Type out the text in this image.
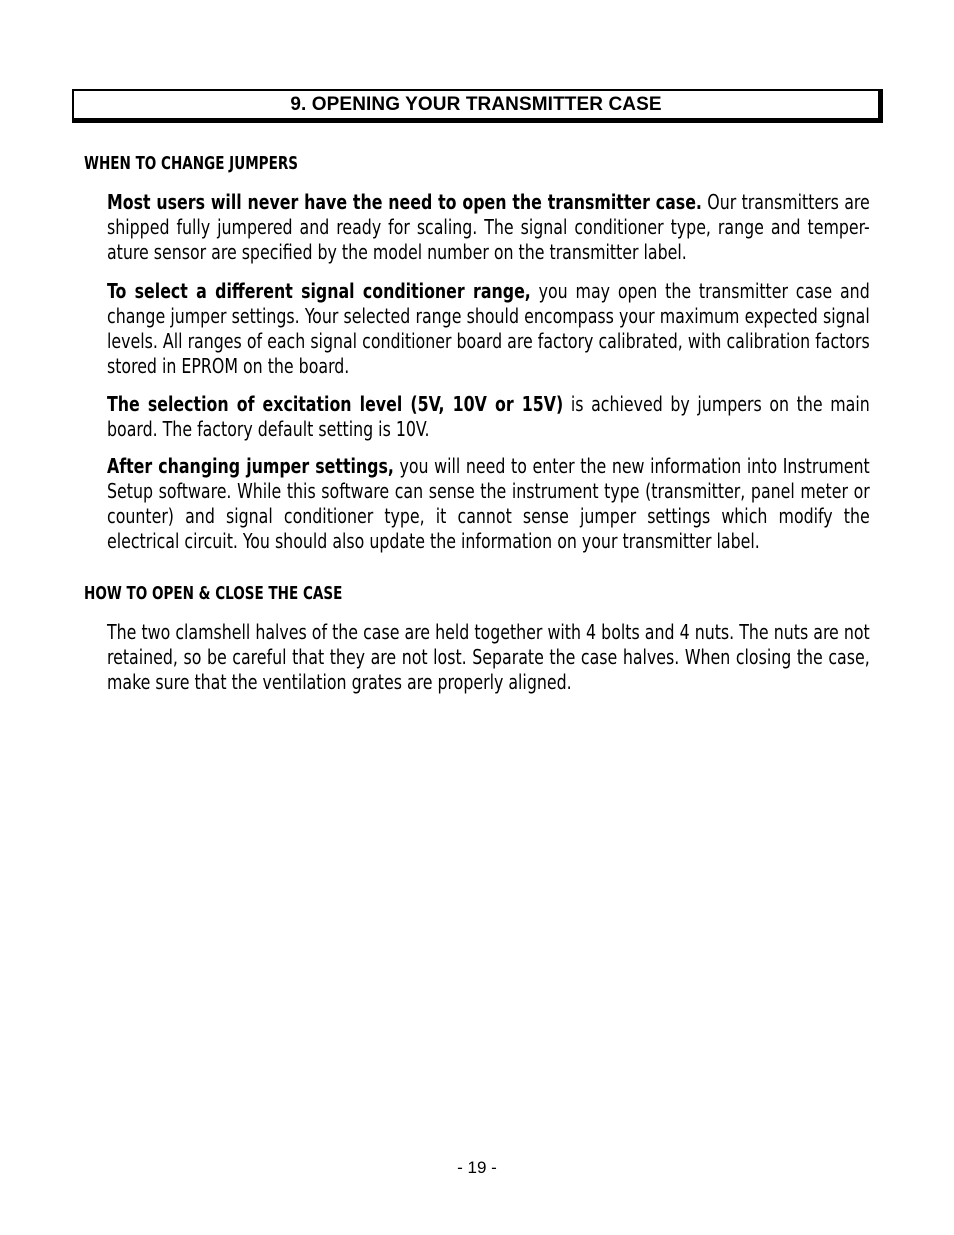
9. OPENING YOUR TRANSMITTER CASE
WHEN TO CHANGE JUMPERS
Most users will never have the need to open the transmitter case. Our transmitters are shipped fully jumpered and ready for scaling. The signal conditioner type, range and temper-ature sensor are specified by the model number on the transmitter label.
To select a different signal conditioner range, you may open the transmitter case and change jumper settings. Your selected range should encompass your maximum expected signal levels. All ranges of each signal conditioner board are factory calibrated, with calibration factors stored in EPROM on the board.
The selection of excitation level (5V, 10V or 15V) is achieved by jumpers on the main board. The factory default setting is 10V.
After changing jumper settings, you will need to enter the new information into Instrument Setup software. While this software can sense the instrument type (transmitter, panel meter or counter) and signal conditioner type, it cannot sense jumper settings which modify the electrical circuit. You should also update the information on your transmitter label.
HOW TO OPEN & CLOSE THE CASE
The two clamshell halves of the case are held together with 4 bolts and 4 nuts. The nuts are not retained, so be careful that they are not lost. Separate the case halves. When closing the case, make sure that the ventilation grates are properly aligned.
- 19 -
